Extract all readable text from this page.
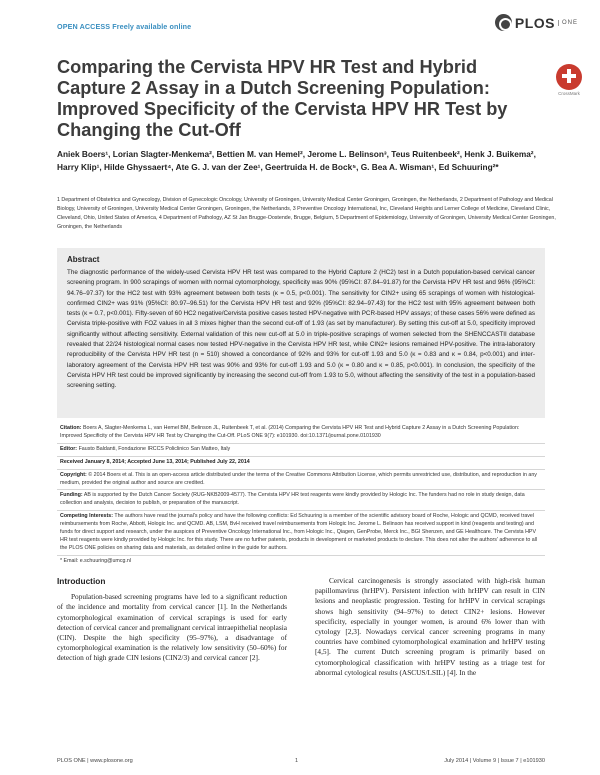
OPEN ACCESS Freely available online	PLOS	ONE
Comparing the Cervista HPV HR Test and Hybrid Capture 2 Assay in a Dutch Screening Population: Improved Specificity of the Cervista HPV HR Test by Changing the Cut-Off
CrossMark
Aniek Boers¹, Lorian Slagter-Menkema², Bettien M. van Hemel², Jerome L. Belinson³, Teus Ruitenbeek², Henk J. Buikema², Harry Klip¹, Hilde Ghyssaert⁴, Ate G. J. van der Zee¹, Geertruida H. de Bock⁵, G. Bea A. Wisman¹, Ed Schuuring²*
1 Department of Obstetrics and Gynecology, Division of Gynecologic Oncology, University of Groningen, University Medical Center Groningen, Groningen, the Netherlands, 2 Department of Pathology and Medical Biology, University of Groningen, University Medical Center Groningen, Groningen, the Netherlands, 3 Preventive Oncology International, Inc, Cleveland Heights and Lerner College of Medicine, Cleveland Clinic, Cleveland, Ohio, United States of America, 4 Department of Pathology, AZ St Jan Brugge-Oostende, Brugge, Belgium, 5 Department of Epidemiology, University of Groningen, University Medical Center Groningen, Groningen, the Netherlands
Abstract
The diagnostic performance of the widely-used Cervista HPV HR test was compared to the Hybrid Capture 2 (HC2) test in a Dutch population-based cervical cancer screening program. In 900 scrapings of women with normal cytomorphology, specificity was 90% (95%CI: 87.84–91.87) for the Cervista HPV HR test and 96% (95%CI: 94.76–97.37) for the HC2 test with 93% agreement between both tests (κ = 0.5, p<0.001). The sensitivity for CIN2+ using 65 scrapings of women with histological-confirmed CIN2+ was 91% (95%CI: 80.97–96.51) for the Cervista HPV HR test and 92% (95%CI: 82.94–97.43) for the HC2 test with 95% agreement between both tests (κ = 0.7, p<0.001). Fifty-seven of 60 HC2 negative/Cervista positive cases tested HPV-negative with PCR-based HPV assays; of these cases 56% were defined as Cervista triple-positive with FOZ values in all 3 mixes higher than the second cut-off of 1.93 (as set by manufacturer). By setting this cut-off at 5.0, specificity improved significantly without affecting sensitivity. External validation of this new cut-off at 5.0 in triple-positive scrapings of women selected from the SHENCCASTII database revealed that 22/24 histological normal cases now tested HPV-negative in the Cervista HPV HR test, while CIN2+ lesions remained HPV-positive. The intra-laboratory reproducibility of the Cervista HPV HR test (n = 510) showed a concordance of 92% and 93% for cut-off 1.93 and 5.0 (κ = 0.83 and κ = 0.84, p<0.001) and inter-laboratory agreement of the Cervista HPV HR test was 90% and 93% for cut-off 1.93 and 5.0 (κ = 0.80 and κ = 0.85, p<0.001). In conclusion, the specificity of the Cervista HPV HR test could be improved significantly by increasing the second cut-off from 1.93 to 5.0, without affecting the sensitivity of the test in a population-based screening setting.

Citation: Boers A, Slagter-Menkema L, van Hemel BM, Belinson JL, Ruitenbeek T, et al. (2014) Comparing the Cervista HPV HR Test and Hybrid Capture 2 Assay in a Dutch Screening Population: Improved Specificity of the Cervista HPV HR Test by Changing the Cut-Off. PLoS ONE 9(7): e101930. doi:10.1371/journal.pone.0101930

Editor: Fausto Baldanti, Fondazione IRCCS Policlinico San Matteo, Italy

Received January 8, 2014; Accepted June 13, 2014; Published July 22, 2014

Copyright: © 2014 Boers et al. This is an open-access article distributed under the terms of the Creative Commons Attribution License, which permits unrestricted use, distribution, and reproduction in any medium, provided the original author and source are credited.

Funding: AB is supported by the Dutch Cancer Society (RUG-NKB2009-4577). The Cervista HPV HR test reagents were kindly provided by Hologic Inc. The funders had no role in study design, data collection and analysis, decision to publish, or preparation of the manuscript.

Competing Interests: The authors have read the journal's policy and have the following conflicts: Ed Schuuring is a member of the scientific advisory board of Roche, Hologic and QCMD, received travel reimbursements from Roche, Abbott, Hologic Inc. and QCMD. AB, LSM, BvH received travel reimbursements from Hologic Inc. Jerome L. Belinson has received support in kind (reagents and testing) and funds for direct support and research, under the auspices of Preventive Oncology International Inc., from Hologic Inc., Qiagen, GenProbe, Merck Inc., BGI Shenzen, and GE Healthcare. The Cervista HPV HR test reagents were kindly provided by Hologic Inc. for this study. There are no further patents, products in development or marketed products to declare. This does not alter the authors' adherence to all the PLOS ONE policies on sharing data and materials, as detailed online in the guide for authors.

* Email: e.schuuring@umcg.nl

Introduction

Population-based screening programs have led to a significant reduction of the incidence and mortality from cervical cancer [1]. In the Netherlands cytomorphological examination of cervical scrapings is used for early detection of cervical cancer and premalignant cervical intraepithelial neoplasia (CIN). Despite the high specificity (95–97%), a disadvantage of cytomorphological examination is the relatively low sensitivity (50–60%) for detection of high grade CIN lesions (CIN2/3) and cervical cancer [2].

Cervical carcinogenesis is strongly associated with high-risk human papillomavirus (hrHPV). Persistent infection with hrHPV can result in CIN lesions and neoplastic progression. Testing for hrHPV in cervical scrapings shows high sensitivity (94–97%) to detect CIN2+ lesions. However specificity, especially in younger women, is around 6% lower than with cytology [2,3]. Nowadays cervical cancer screening programs in many countries have combined cytomorphological examination and hrHPV testing [4,5]. The current Dutch screening program is primarily based on cytomorphological classification with hrHPV testing as a triage test for abnormal cytological results (ASCUS/LSIL) [4]. In the

PLOS ONE | www.plosone.org	1	July 2014 | Volume 9 | Issue 7 | e101930
